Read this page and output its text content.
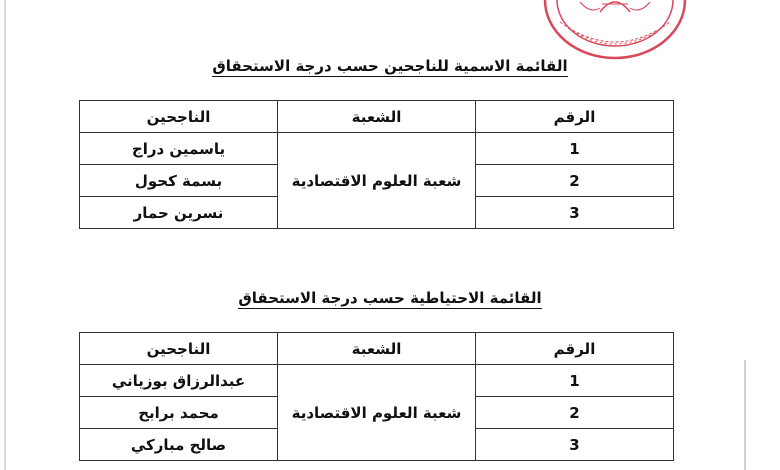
القائمة الاسمية للناجحين حسب درجة الاستحقاق
الرقم	الشعبة	الناجحين
1	شعبة العلوم الاقتصادية	ياسمين دراج
2		بسمة كحول
3		نسرين حمار
القائمة الاحتياطية حسب درجة الاستحقاق
الرقم	الشعبة	الناجحين
1	شعبة العلوم الاقتصادية	عبدالرزاق بوزياني
2		محمد برابح
3		صالح مباركي
